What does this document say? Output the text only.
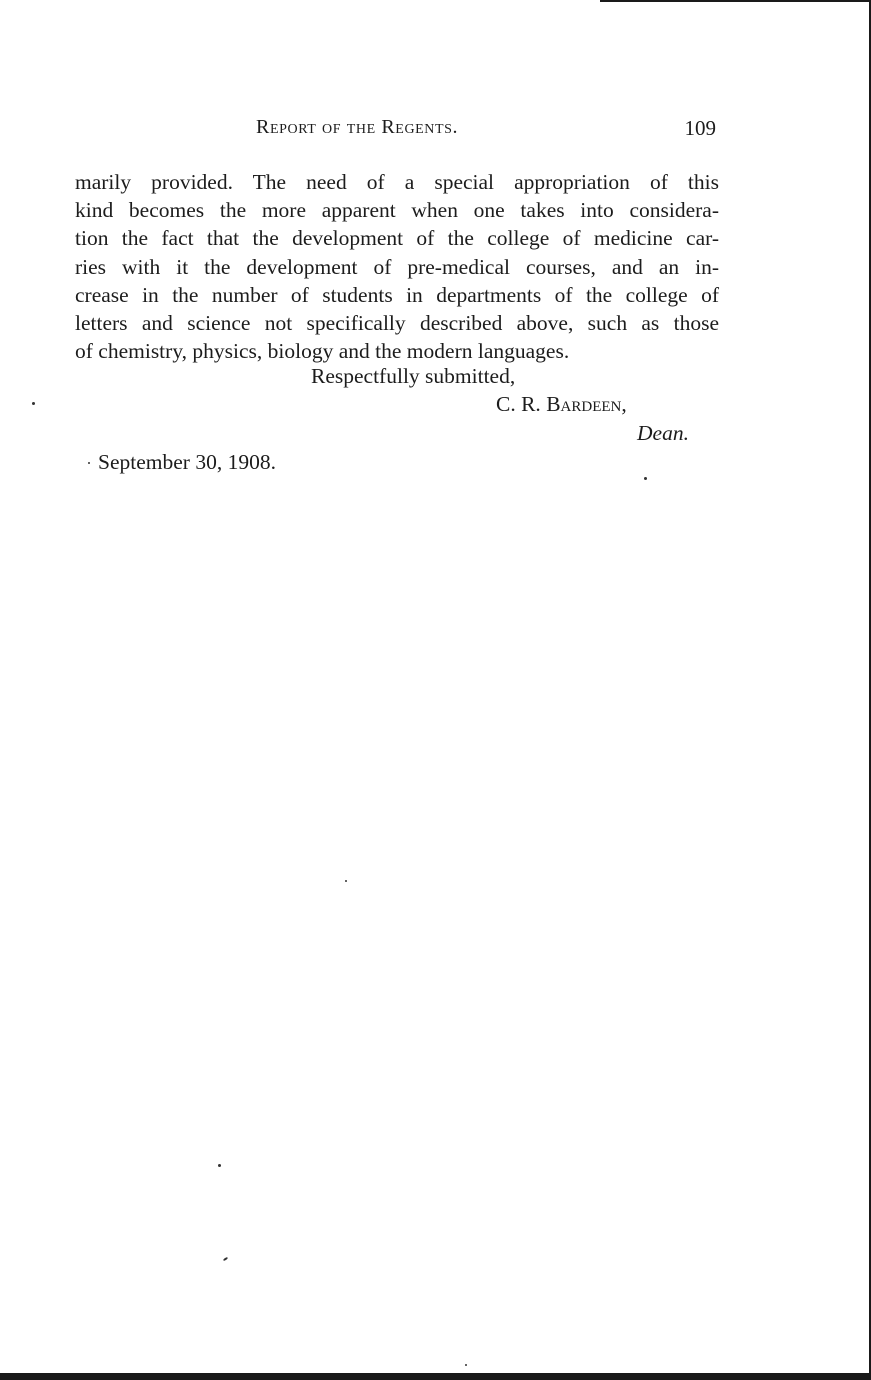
Report of the Regents.	109
marily provided. The need of a special appropriation of this
kind becomes the more apparent when one takes into considera-
tion the fact that the development of the college of medicine car-
ries with it the development of pre-medical courses, and an in-
crease in the number of students in departments of the college of
letters and science not specifically described above, such as those
of chemistry, physics, biology and the modern languages.
Respectfully submitted,
C. R. Bardeen,
Dean.
September 30, 1908.
